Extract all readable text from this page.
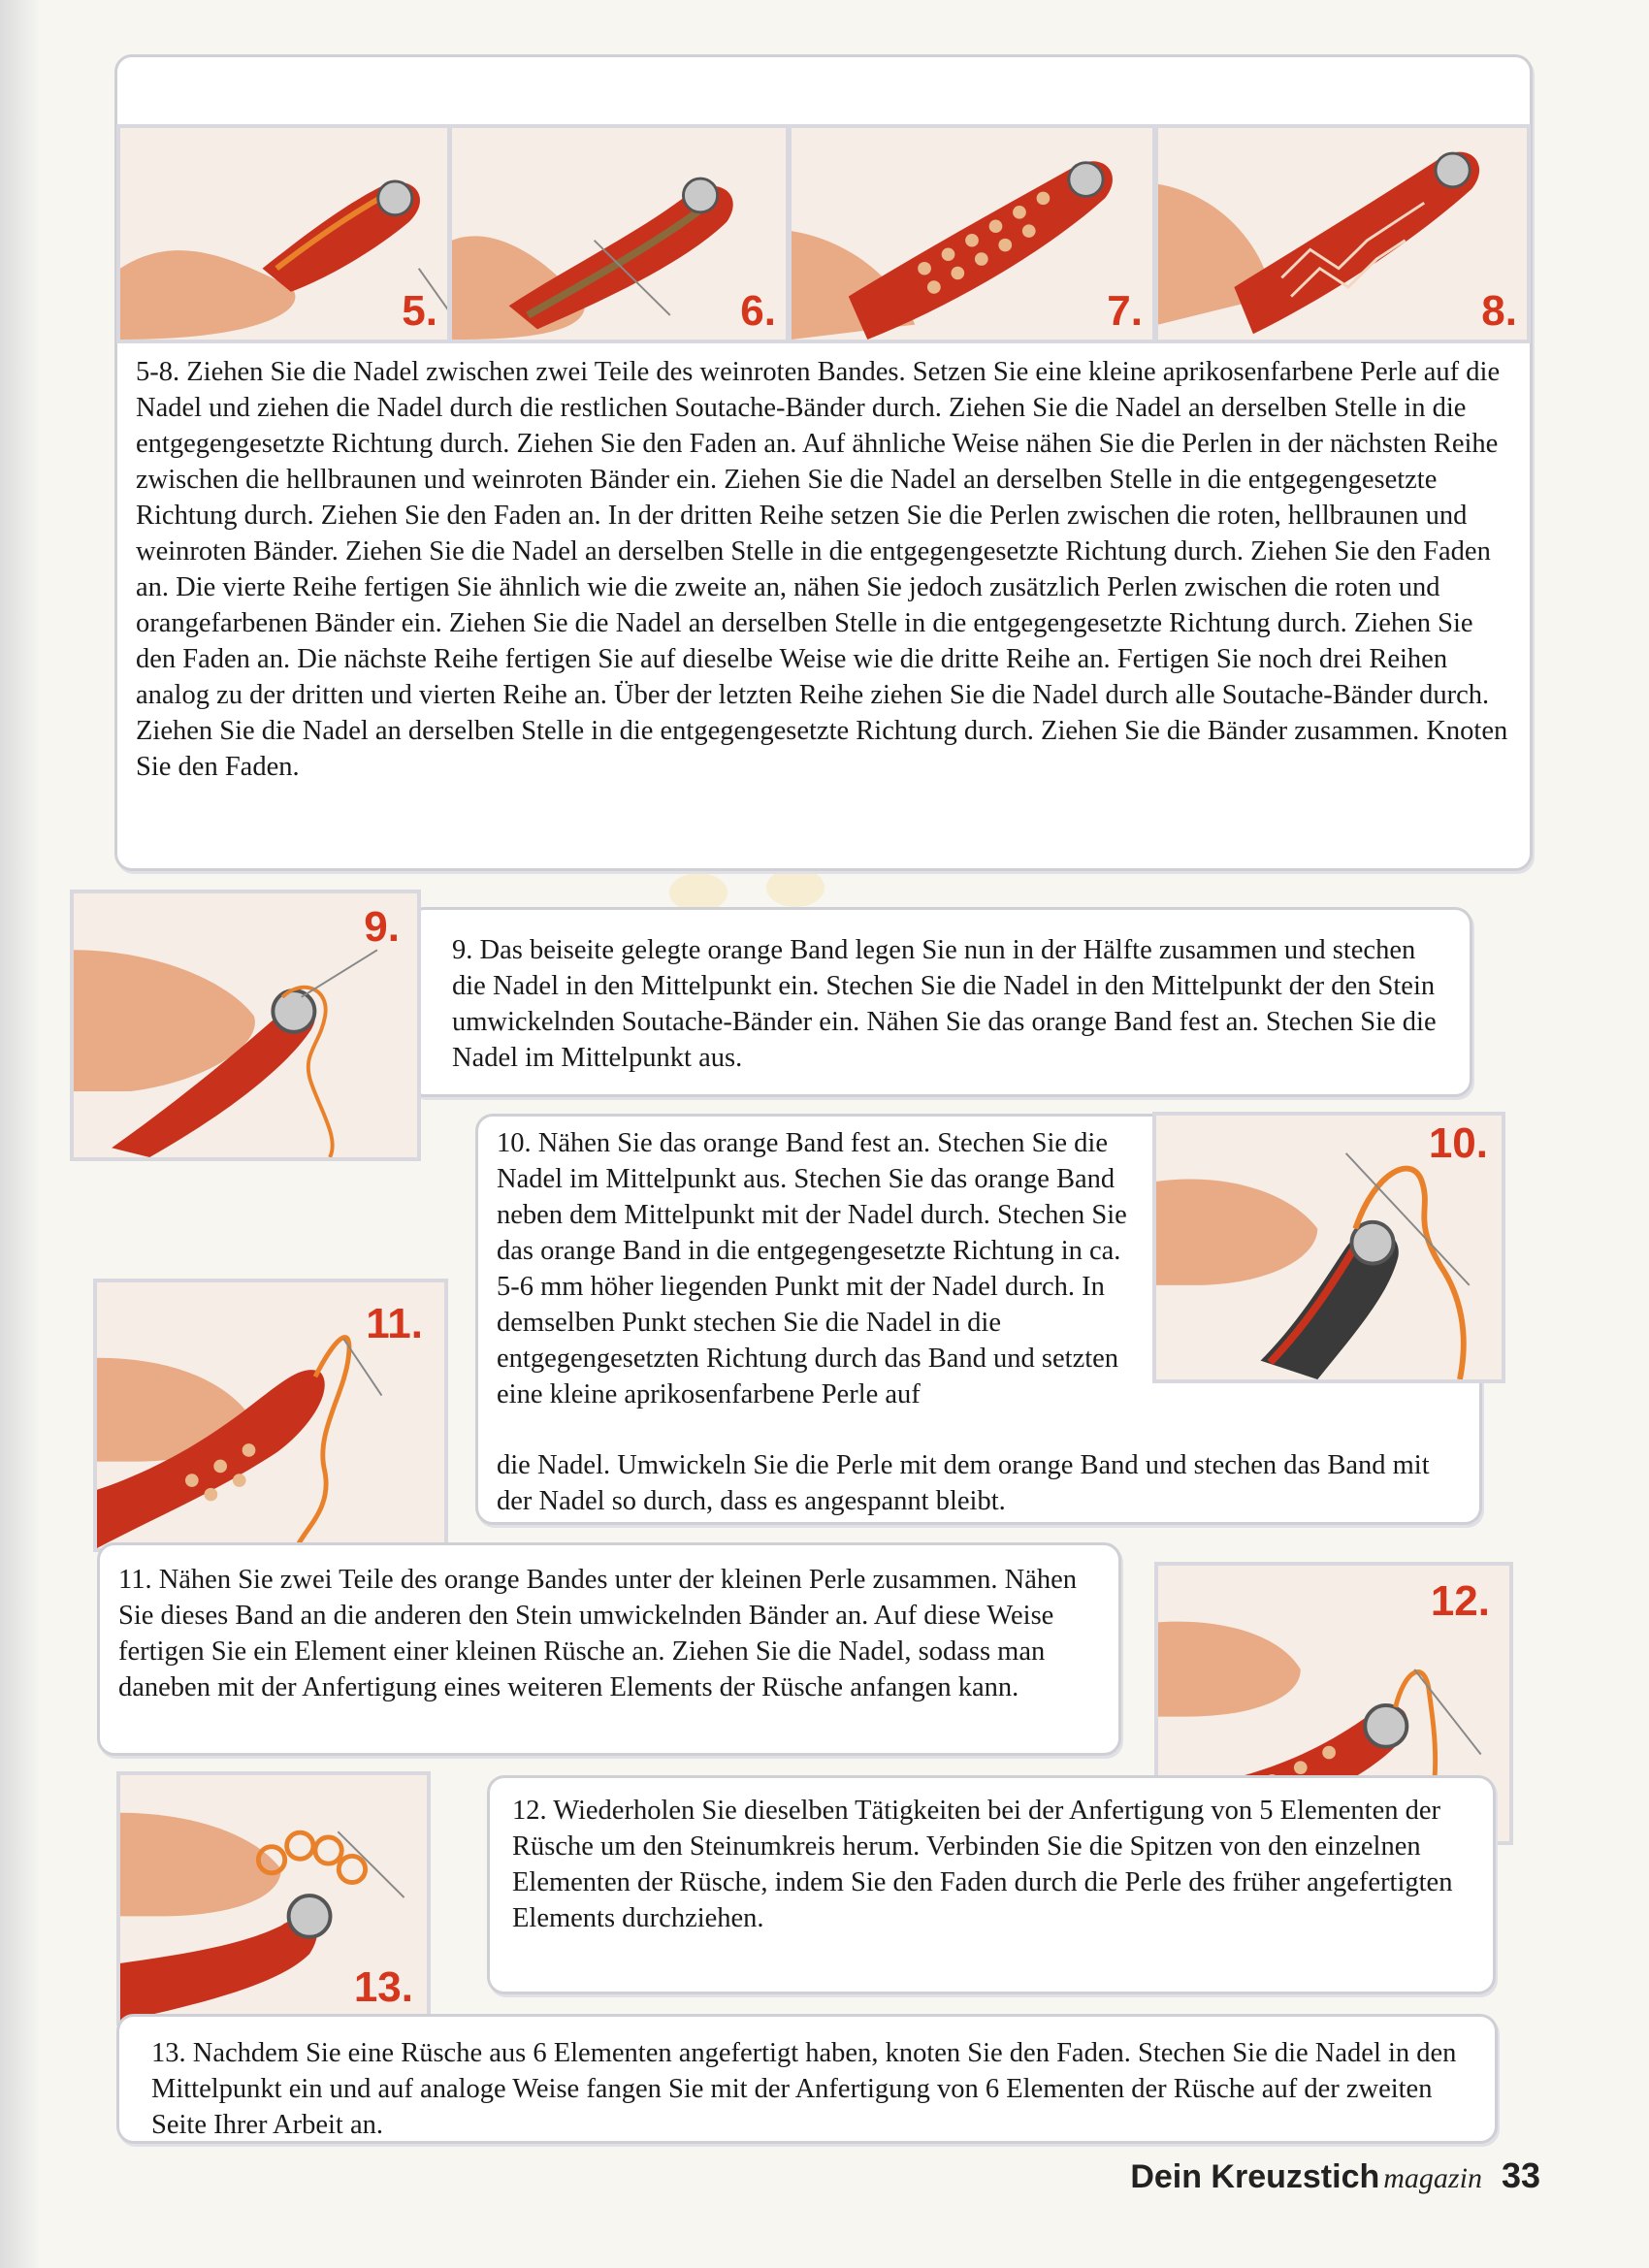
5.	6.	7.	8.
5-8. Ziehen Sie die Nadel zwischen zwei Teile des weinroten Bandes. Setzen Sie eine kleine aprikosenfarbene Perle auf die Nadel und ziehen die Nadel durch die restlichen Soutache-Bänder durch. Ziehen Sie die Nadel an derselben Stelle in die entgegengesetzte Richtung durch. Ziehen Sie den Faden an. Auf ähnliche Weise nähen Sie die Perlen in der nächsten Reihe zwischen die hellbraunen und weinroten Bänder ein. Ziehen Sie die Nadel an derselben Stelle in die entgegengesetzte Richtung durch. Ziehen Sie den Faden an. In der dritten Reihe setzen Sie die Perlen zwischen die roten, hellbraunen und weinroten Bänder. Ziehen Sie die Nadel an derselben Stelle in die entgegengesetzte Richtung durch. Ziehen Sie den Faden an. Die vierte Reihe fertigen Sie ähnlich wie die zweite an, nähen Sie jedoch zusätzlich Perlen zwischen die roten und orangefarbenen Bänder ein. Ziehen Sie die Nadel an derselben Stelle in die entgegengesetzte Richtung durch. Ziehen Sie den Faden an. Die nächste Reihe fertigen Sie auf dieselbe Weise wie die dritte Reihe an. Fertigen Sie noch drei Reihen analog zu der dritten und vierten Reihe an. Über der letzten Reihe ziehen Sie die Nadel durch alle Soutache-Bänder durch. Ziehen Sie die Nadel an derselben Stelle in die entgegengesetzte Richtung durch. Ziehen Sie die Bänder zusammen. Knoten Sie den Faden.
9. 9. Das beiseite gelegte orange Band legen Sie nun in der Hälfte zusammen und stechen die Nadel in den Mittelpunkt ein. Stechen Sie die Nadel in den Mittelpunkt der den Stein umwickelnden Soutache-Bänder ein. Nähen Sie das orange Band fest an. Stechen Sie die Nadel im Mittelpunkt aus.
10.
10. Nähen Sie das orange Band fest an. Stechen Sie die Nadel im Mittelpunkt aus. Stechen Sie das orange Band neben dem Mittelpunkt mit der Nadel durch. Stechen Sie das orange Band in die entgegengesetzte Richtung in ca. 5-6 mm höher liegenden Punkt mit der Nadel durch. In demselben Punkt stechen Sie die Nadel in die entgegengesetzten Richtung durch das Band und setzten eine kleine aprikosenfarbene Perle auf
die Nadel. Umwickeln Sie die Perle mit dem orange Band und stechen das Band mit der Nadel so durch, dass es angespannt bleibt.
11.
11. Nähen Sie zwei Teile des orange Bandes unter der kleinen Perle zusammen. Nähen Sie dieses Band an die anderen den Stein umwickelnden Bänder an. Auf diese Weise fertigen Sie ein Element einer kleinen Rüsche an. Ziehen Sie die Nadel, sodass man daneben mit der Anfertigung eines weiteren Elements der Rüsche anfangen kann.
12.
12. Wiederholen Sie dieselben Tätigkeiten bei der Anfertigung von 5 Elementen der Rüsche um den Steinumkreis herum. Verbinden Sie die Spitzen von den einzelnen Elementen der Rüsche, indem Sie den Faden durch die Perle des früher angefertigten Elements durchziehen.
13.
13. Nachdem Sie eine Rüsche aus 6 Elementen angefertigt haben, knoten Sie den Faden. Stechen Sie die Nadel in den Mittelpunkt ein und auf analoge Weise fangen Sie mit der Anfertigung von 6 Elementen der Rüsche auf der zweiten Seite Ihrer Arbeit an.
Dein Kreuzstich magazin 33
